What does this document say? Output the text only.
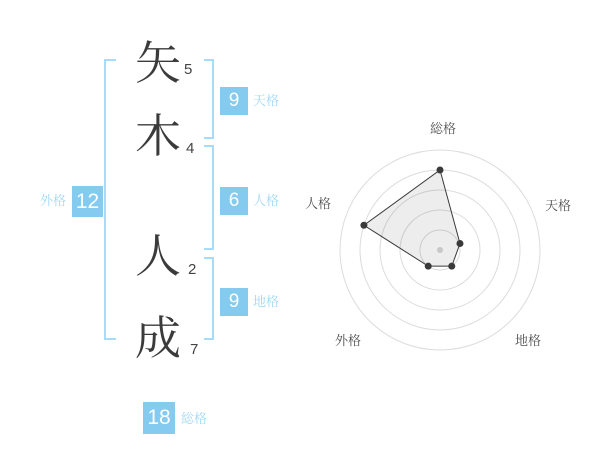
矢 5
木 4
人 2
成 7
9	天格
6	人格
9	地格
外格 12
18 総格
総格
天格
地格
外格
人格
